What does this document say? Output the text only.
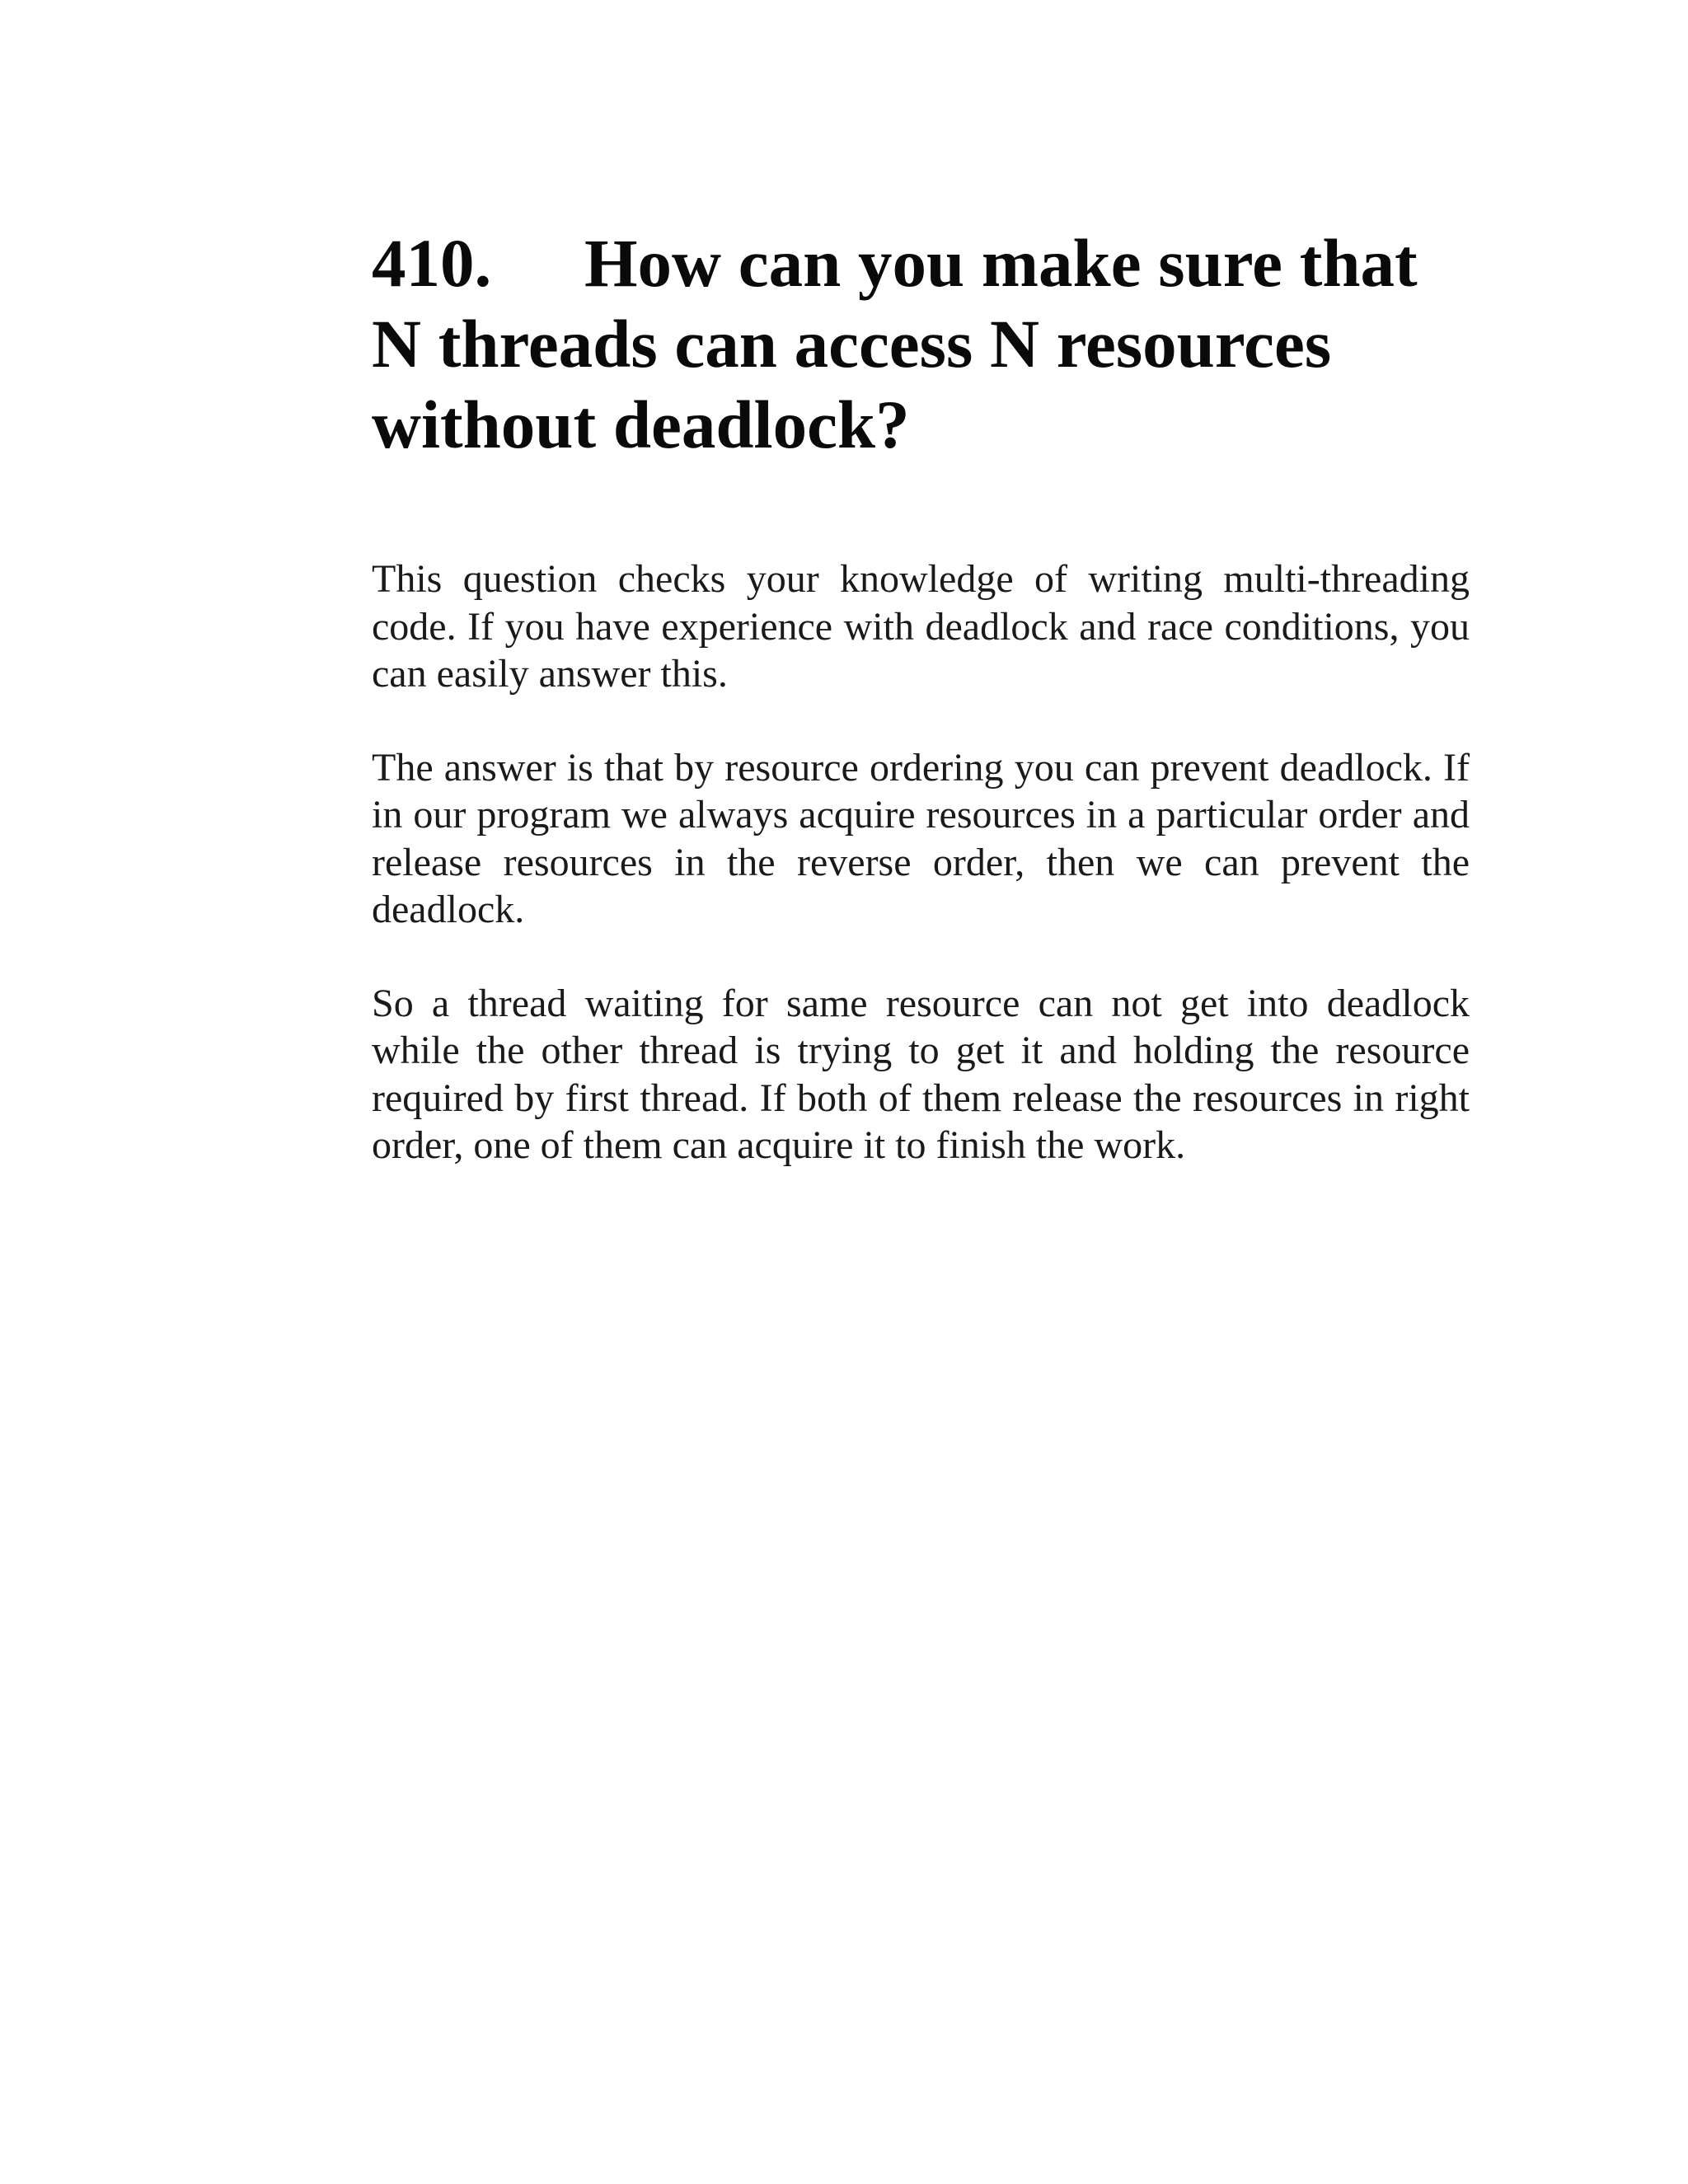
410. How can you make sure that N threads can access N resources without deadlock?

This question checks your knowledge of writing multi-threading code. If you have experience with deadlock and race conditions, you can easily answer this.

The answer is that by resource ordering you can prevent deadlock. If in our program we always acquire resources in a particular order and release resources in the reverse order, then we can prevent the deadlock.

So a thread waiting for same resource can not get into deadlock while the other thread is trying to get it and holding the resource required by first thread. If both of them release the resources in right order, one of them can acquire it to finish the work.
